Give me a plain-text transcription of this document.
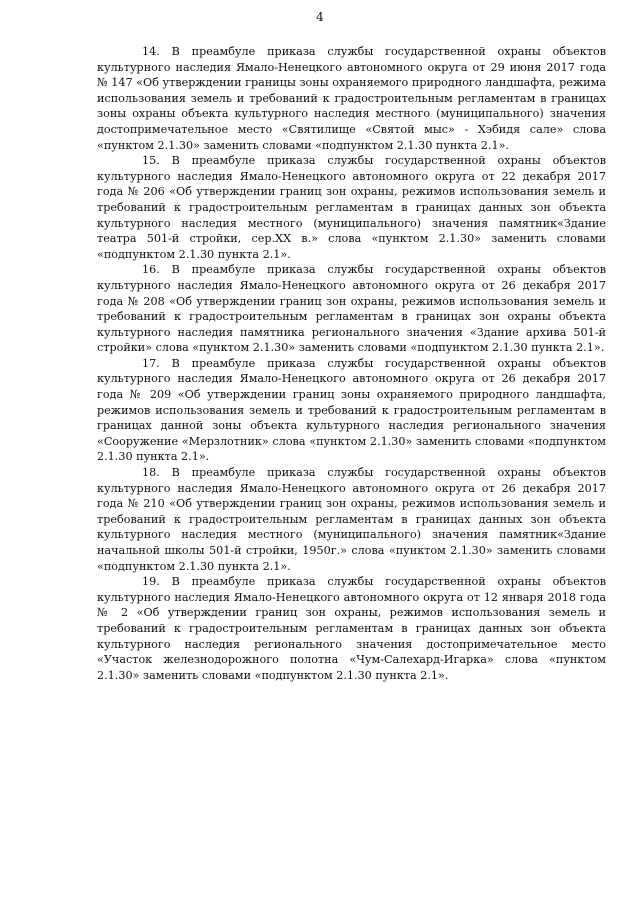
4

14. В преамбуле приказа службы государственной охраны объектов культурного наследия Ямало-Ненецкого автономного округа от 29 июня 2017 года № 147 «Об утверждении границы зоны охраняемого природного ландшафта, режима использования земель и требований к градостроительным регламентам в границах зоны охраны объекта культурного наследия местного (муниципального) значения достопримечательное место «Святилище «Святой мыс» - Хэбидя сале» слова «пунктом 2.1.30» заменить словами «подпунктом 2.1.30 пункта 2.1».

15. В преамбуле приказа службы государственной охраны объектов культурного наследия Ямало-Ненецкого автономного округа от 22 декабря 2017 года № 206 «Об утверждении границ зон охраны, режимов использования земель и требований к градостроительным регламентам в границах данных зон объекта культурного наследия местного (муниципального) значения памятник«Здание театра 501-й стройки, сер.XX в.» слова «пунктом 2.1.30» заменить словами «подпунктом 2.1.30 пункта 2.1».

16. В преамбуле приказа службы государственной охраны объектов культурного наследия Ямало-Ненецкого автономного округа от 26 декабря 2017 года № 208 «Об утверждении границ зон охраны, режимов использования земель и требований к градостроительным регламентам в границах зон охраны объекта культурного наследия памятника регионального значения «Здание архива 501-й стройки» слова «пунктом 2.1.30» заменить словами «подпунктом 2.1.30 пункта 2.1».

17. В преамбуле приказа службы государственной охраны объектов культурного наследия Ямало-Ненецкого автономного округа от 26 декабря 2017 года № 209 «Об утверждении границ зоны охраняемого природного ландшафта, режимов использования земель и требований к градостроительным регламентам в границах данной зоны объекта культурного наследия регионального значения «Сооружение «Мерзлотник» слова «пунктом 2.1.30» заменить словами «подпунктом 2.1.30 пункта 2.1».

18. В преамбуле приказа службы государственной охраны объектов культурного наследия Ямало-Ненецкого автономного округа от 26 декабря 2017 года № 210 «Об утверждении границ зон охраны, режимов использования земель и требований к градостроительным регламентам в границах данных зон объекта культурного наследия местного (муниципального) значения памятник«Здание начальной школы 501-й стройки, 1950г.» слова «пунктом 2.1.30» заменить словами «подпунктом 2.1.30 пункта 2.1».

19. В преамбуле приказа службы государственной охраны объектов культурного наследия Ямало-Ненецкого автономного округа от 12 января 2018 года № 2 «Об утверждении границ зон охраны, режимов использования земель и требований к градостроительным регламентам в границах данных зон объекта культурного наследия регионального значения достопримечательное место «Участок железнодорожного полотна «Чум-Салехард-Игарка» слова «пунктом 2.1.30» заменить словами «подпунктом 2.1.30 пункта 2.1».
